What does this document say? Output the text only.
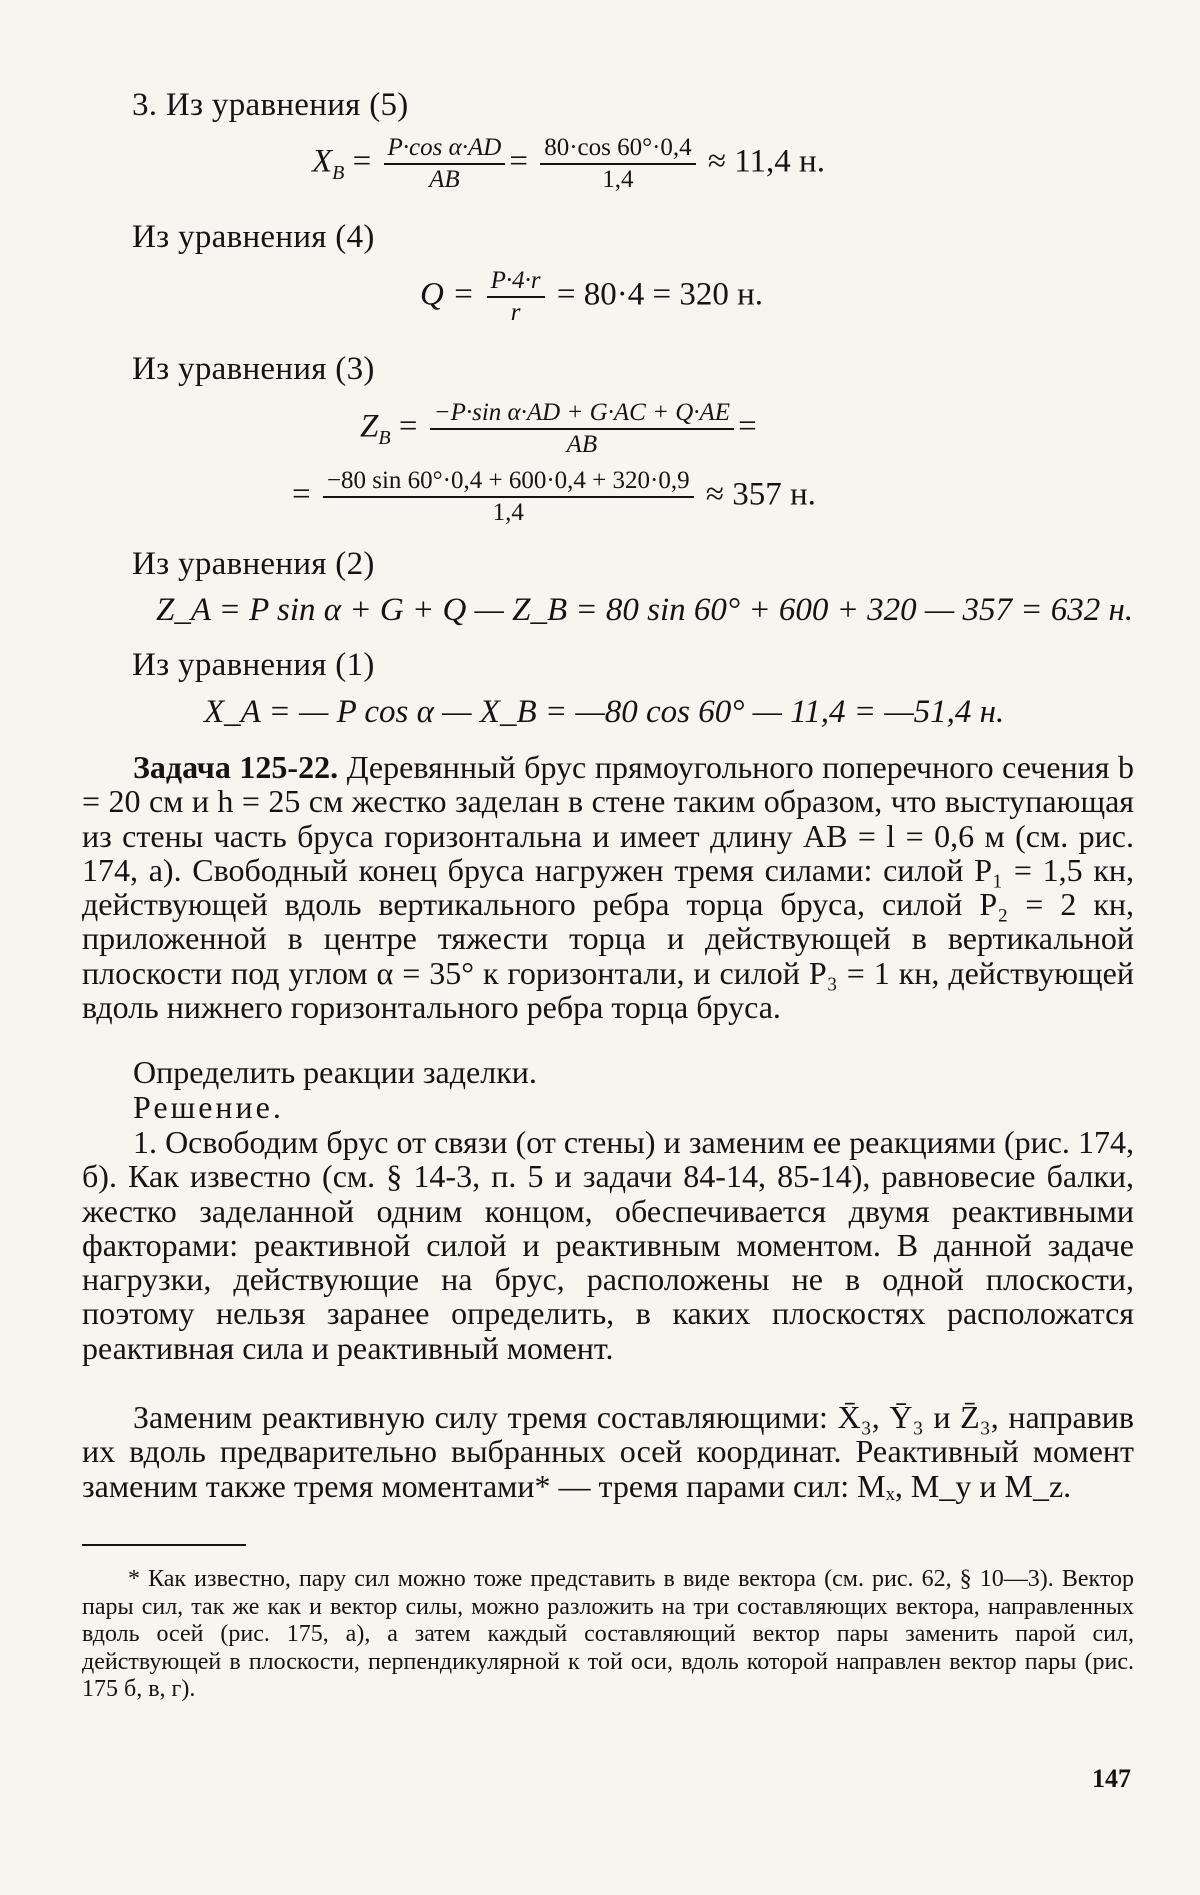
3. Из уравнения (5)
$X_B = \frac{\text{P·cos α·AD}}{AB} = \frac{80\cdot\cos 60^\circ\cdot 0,4}{1,4} \approx 11,4$ н.
Из уравнения (4)
$Q = \frac{P\cdot 4\cdot r}{r} = 80\cdot 4 = 320$ н.
Из уравнения (3)
$Z_B = \frac{\text{−P·sin α·AD + G·AC + Q·AE}}{AB}$ =
= $\frac{-80 \sin 60^\circ\cdot 0,4 + 600\cdot 0,4 + 320\cdot 0,9}{1,4} \approx 357$ н.
Из уравнения (2)
Z_A = P sin α + G + Q — Z_B = 80 sin 60° + 600 + 320 — 357 = 632 н.
Из уравнения (1)
X_A = — P cos α — X_B = —80 cos 60° — 11,4 = —51,4 н.
Задача 125-22. Деревянный брус прямоугольного поперечного сечения b = 20 см и h = 25 см жестко заделан в стене таким образом, что выступающая из стены часть бруса горизонтальна и имеет длину AB = l = 0,6 м (см. рис. 174, а). Свободный конец бруса нагружен тремя силами: силой P₁ = 1,5 кн, действующей вдоль вертикального ребра торца бруса, силой P₂ = 2 кн, приложенной в центре тяжести торца и действующей в вертикальной плоскости под углом α = 35° к горизонтали, и силой P₃ = 1 кн, действующей вдоль нижнего горизонтального ребра торца бруса.
Определить реакции заделки.
Решение.
1. Освободим брус от связи (от стены) и заменим ее реакциями (рис. 174, б). Как известно (см. § 14-3, п. 5 и задачи 84-14, 85-14), равновесие балки, жестко заделанной одним концом, обеспечивается двумя реактивными факторами: реактивной силой и реактивным моментом. В данной задаче нагрузки, действующие на брус, расположены не в одной плоскости, поэтому нельзя заранее определить, в каких плоскостях расположатся реактивная сила и реактивный момент.
Заменим реактивную силу тремя составляющими: X̄₃, Ȳ₃ и Z̄₃, направив их вдоль предварительно выбранных осей координат. Реактивный момент заменим также тремя моментами* — тремя парами сил: Mₓ, M_y и M_z.
* Как известно, пару сил можно тоже представить в виде вектора (см. рис. 62, § 10—3). Вектор пары сил, так же как и вектор силы, можно разложить на три составляющих вектора, направленных вдоль осей (рис. 175, а), а затем каждый составляющий вектор пары заменить парой сил, действующей в плоскости, перпендикулярной к той оси, вдоль которой направлен вектор пары (рис. 175 б, в, г).
147
